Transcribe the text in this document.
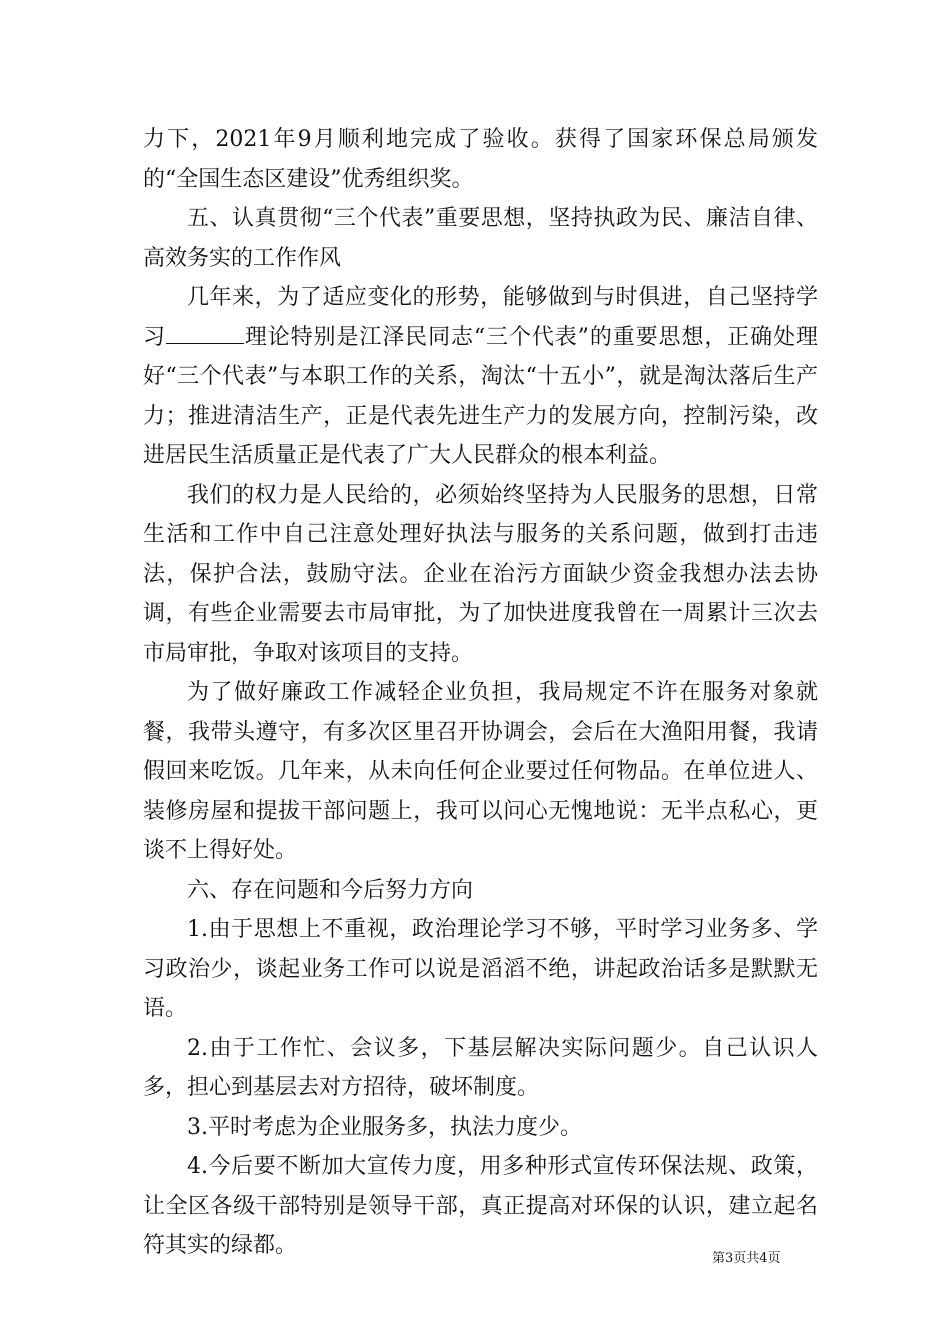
力下，2021年9月顺利地完成了验收。获得了国家环保总局颁发的“全国生态区建设”优秀组织奖。

五、认真贯彻“三个代表”重要思想，坚持执政为民、廉洁自律、高效务实的工作作风

几年来，为了适应变化的形势，能够做到与时俱进，自己坚持学习	理论特别是江泽民同志“三个代表”的重要思想，正确处理好“三个代表”与本职工作的关系，淘汰“十五小”，就是淘汰落后生产力；推进清洁生产，正是代表先进生产力的发展方向，控制污染，改进居民生活质量正是代表了广大人民群众的根本利益。

我们的权力是人民给的，必须始终坚持为人民服务的思想，日常生活和工作中自己注意处理好执法与服务的关系问题，做到打击违法，保护合法，鼓励守法。企业在治污方面缺少资金我想办法去协调，有些企业需要去市局审批，为了加快进度我曾在一周累计三次去市局审批，争取对该项目的支持。

为了做好廉政工作减轻企业负担，我局规定不许在服务对象就餐，我带头遵守，有多次区里召开协调会，会后在大渔阳用餐，我请假回来吃饭。几年来，从未向任何企业要过任何物品。在单位进人、装修房屋和提拔干部问题上，我可以问心无愧地说：无半点私心，更谈不上得好处。

六、存在问题和今后努力方向

1.由于思想上不重视，政治理论学习不够，平时学习业务多、学习政治少，谈起业务工作可以说是滔滔不绝，讲起政治话多是默默无语。

2.由于工作忙、会议多，下基层解决实际问题少。自己认识人多，担心到基层去对方招待，破坏制度。

3.平时考虑为企业服务多，执法力度少。

4.今后要不断加大宣传力度，用多种形式宣传环保法规、政策，让全区各级干部特别是领导干部，真正提高对环保的认识，建立起名符其实的绿都。

第3页共4页
